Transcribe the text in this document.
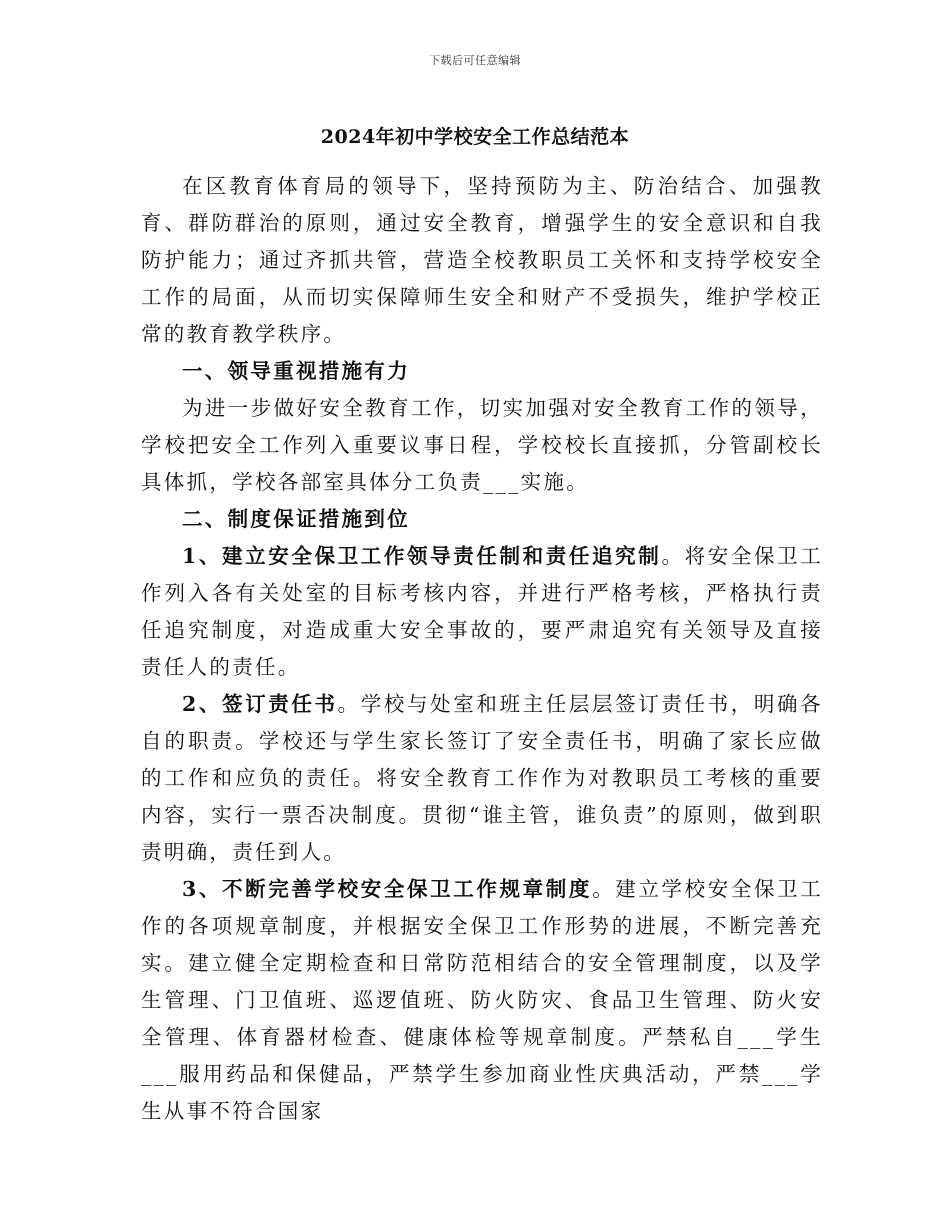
下载后可任意编辑
2024年初中学校安全工作总结范本

在区教育体育局的领导下，坚持预防为主、防治结合、加强教育、群防群治的原则，通过安全教育，增强学生的安全意识和自我防护能力；通过齐抓共管，营造全校教职员工关怀和支持学校安全工作的局面，从而切实保障师生安全和财产不受损失，维护学校正常的教育教学秩序。

一、领导重视措施有力

为进一步做好安全教育工作，切实加强对安全教育工作的领导，学校把安全工作列入重要议事日程，学校校长直接抓，分管副校长具体抓，学校各部室具体分工负责___实施。

二、制度保证措施到位

1、建立安全保卫工作领导责任制和责任追究制。将安全保卫工作列入各有关处室的目标考核内容，并进行严格考核，严格执行责任追究制度，对造成重大安全事故的，要严肃追究有关领导及直接责任人的责任。

2、签订责任书。学校与处室和班主任层层签订责任书，明确各自的职责。学校还与学生家长签订了安全责任书，明确了家长应做的工作和应负的责任。将安全教育工作作为对教职员工考核的重要内容，实行一票否决制度。贯彻“谁主管，谁负责”的原则，做到职责明确，责任到人。

3、不断完善学校安全保卫工作规章制度。建立学校安全保卫工作的各项规章制度，并根据安全保卫工作形势的进展，不断完善充实。建立健全定期检查和日常防范相结合的安全管理制度，以及学生管理、门卫值班、巡逻值班、防火防灾、食品卫生管理、防火安全管理、体育器材检查、健康体检等规章制度。严禁私自___学生___服用药品和保健品，严禁学生参加商业性庆典活动，严禁___学生从事不符合国家
